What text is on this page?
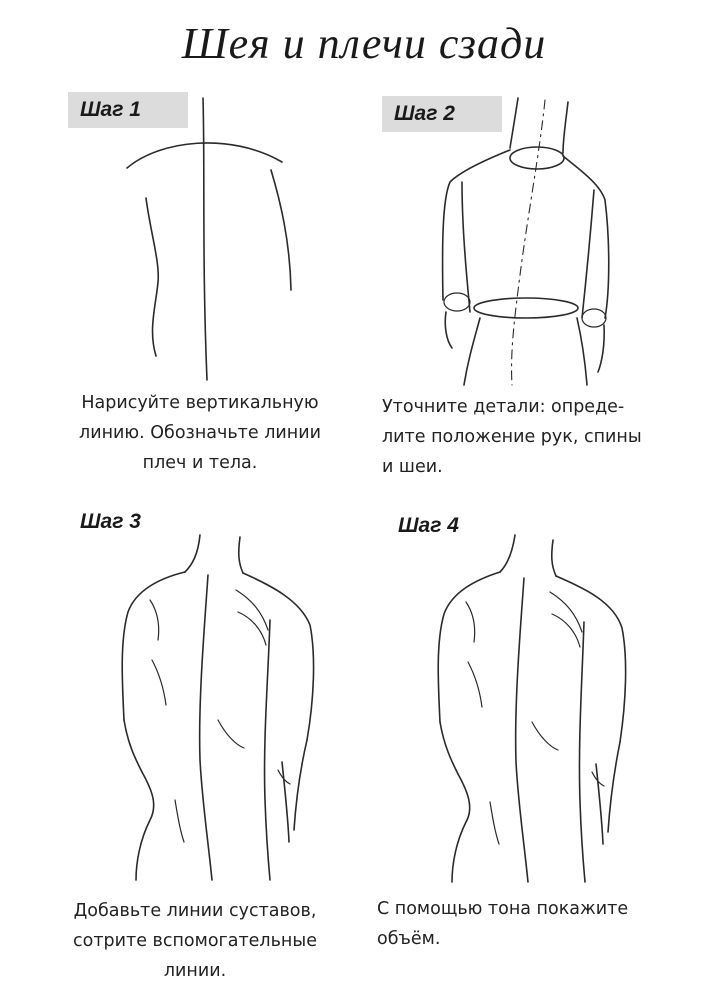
Шея и плечи сзади
Шаг 1	Шаг 2
Шаг 3	Шаг 4
Нарисуйте вертикальную
линию. Обозначьте линии
плеч и тела.
Уточните детали: опреде-
лите положение рук, спины
и шеи.
Добавьте линии суставов,
сотрите вспомогательные
линии.
С помощью тона покажите
объём.
